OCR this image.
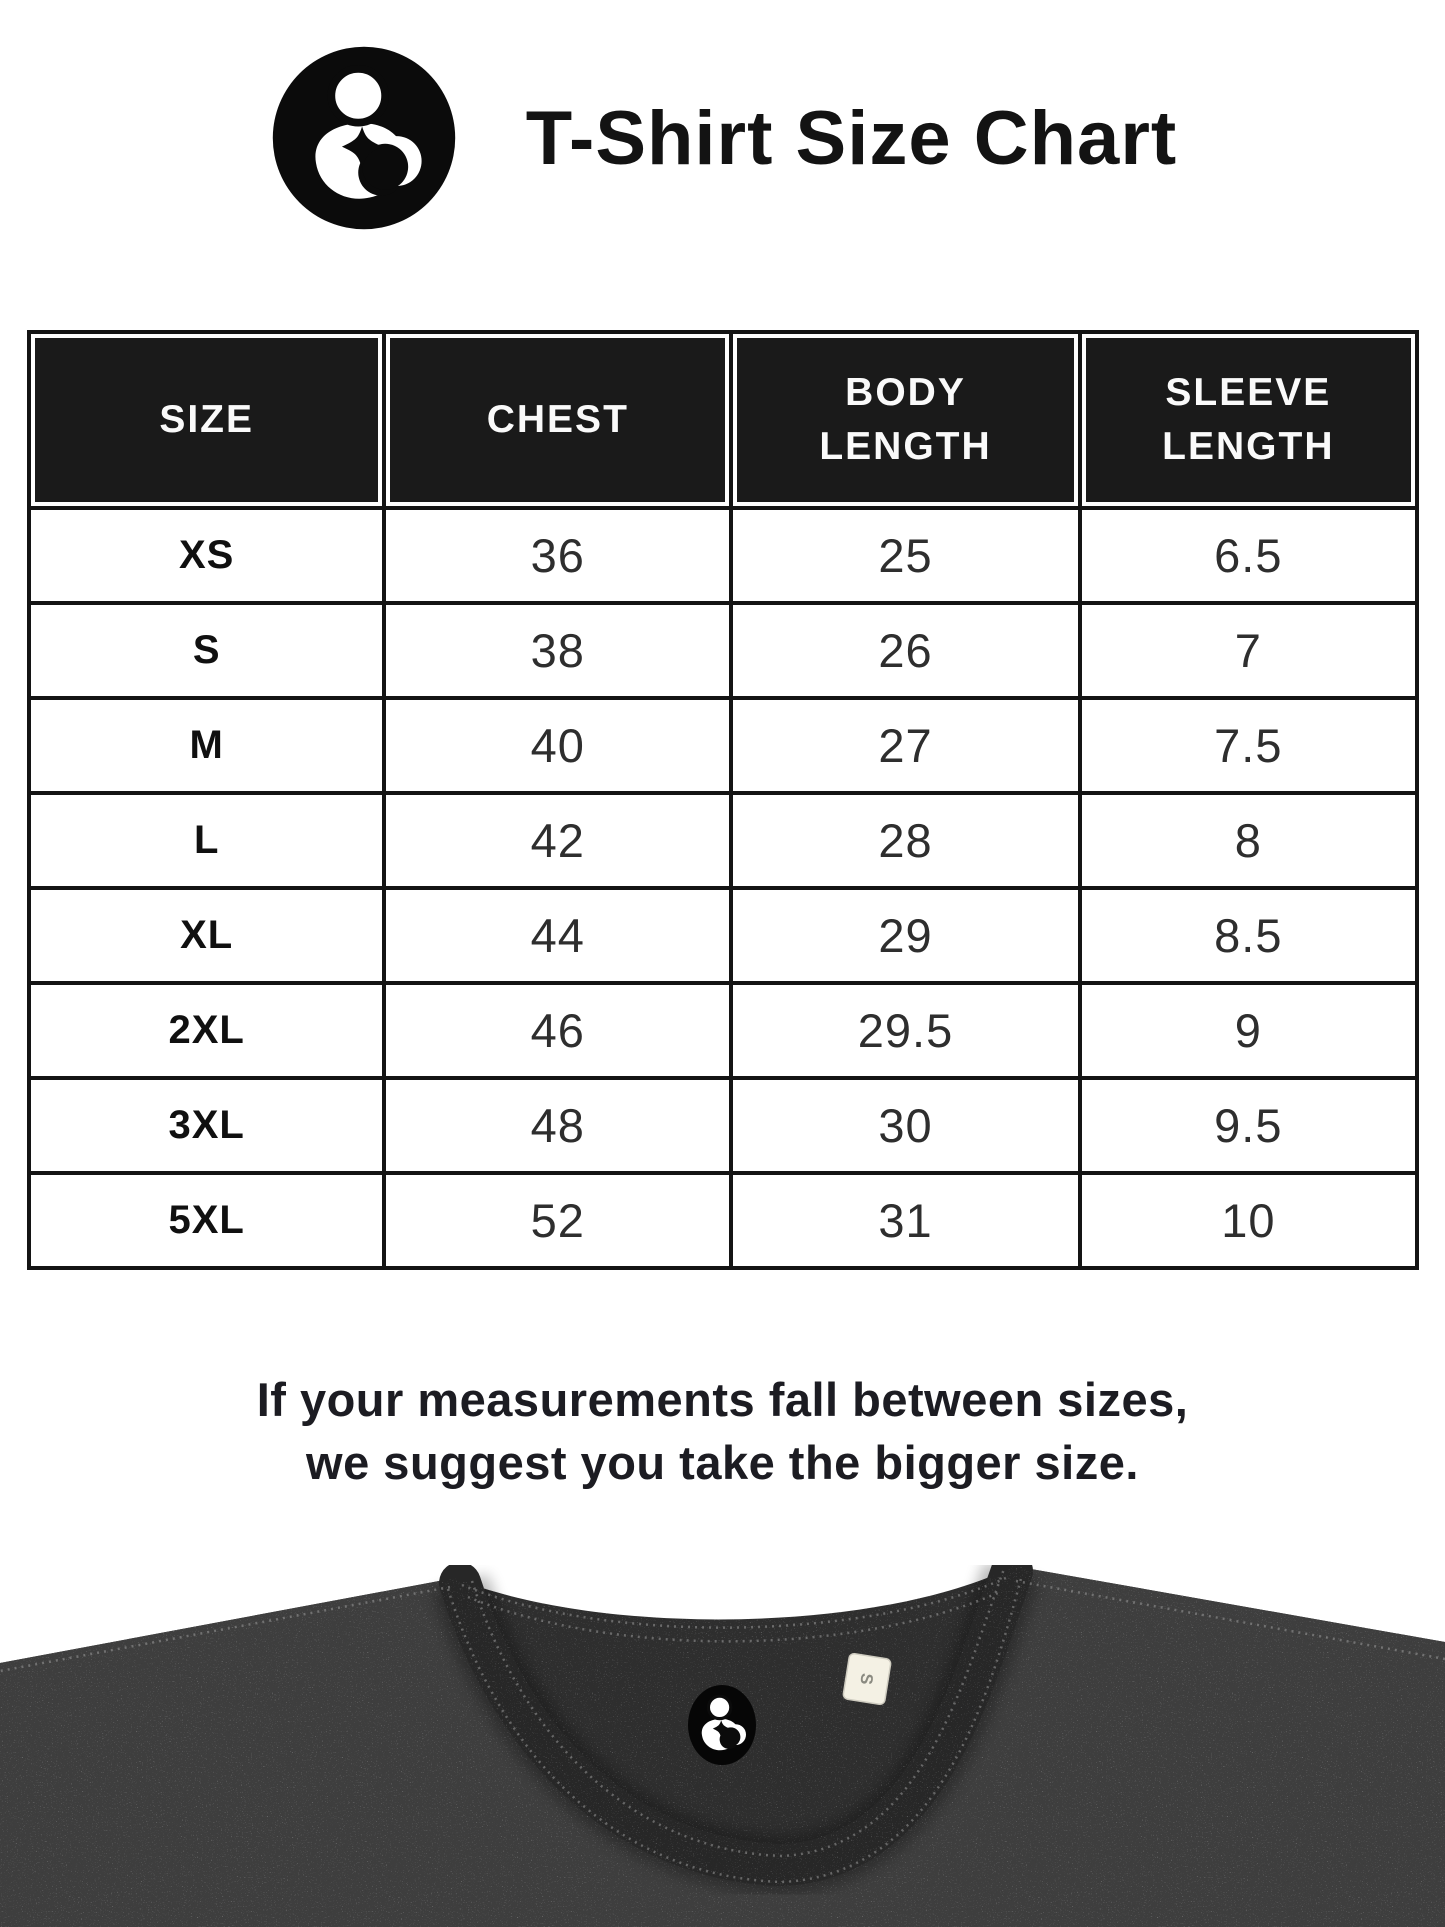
T-Shirt Size Chart
SIZE	CHEST	BODY LENGTH	SLEEVE LENGTH

XS	36	25	6.5
S	38	26	7
M	40	27	7.5
L	42	28	8
XL	44	29	8.5
2XL	46	29.5	9
3XL	48	30	9.5
5XL	52	31	10
If your measurements fall between sizes,
we suggest you take the bigger size.
S
